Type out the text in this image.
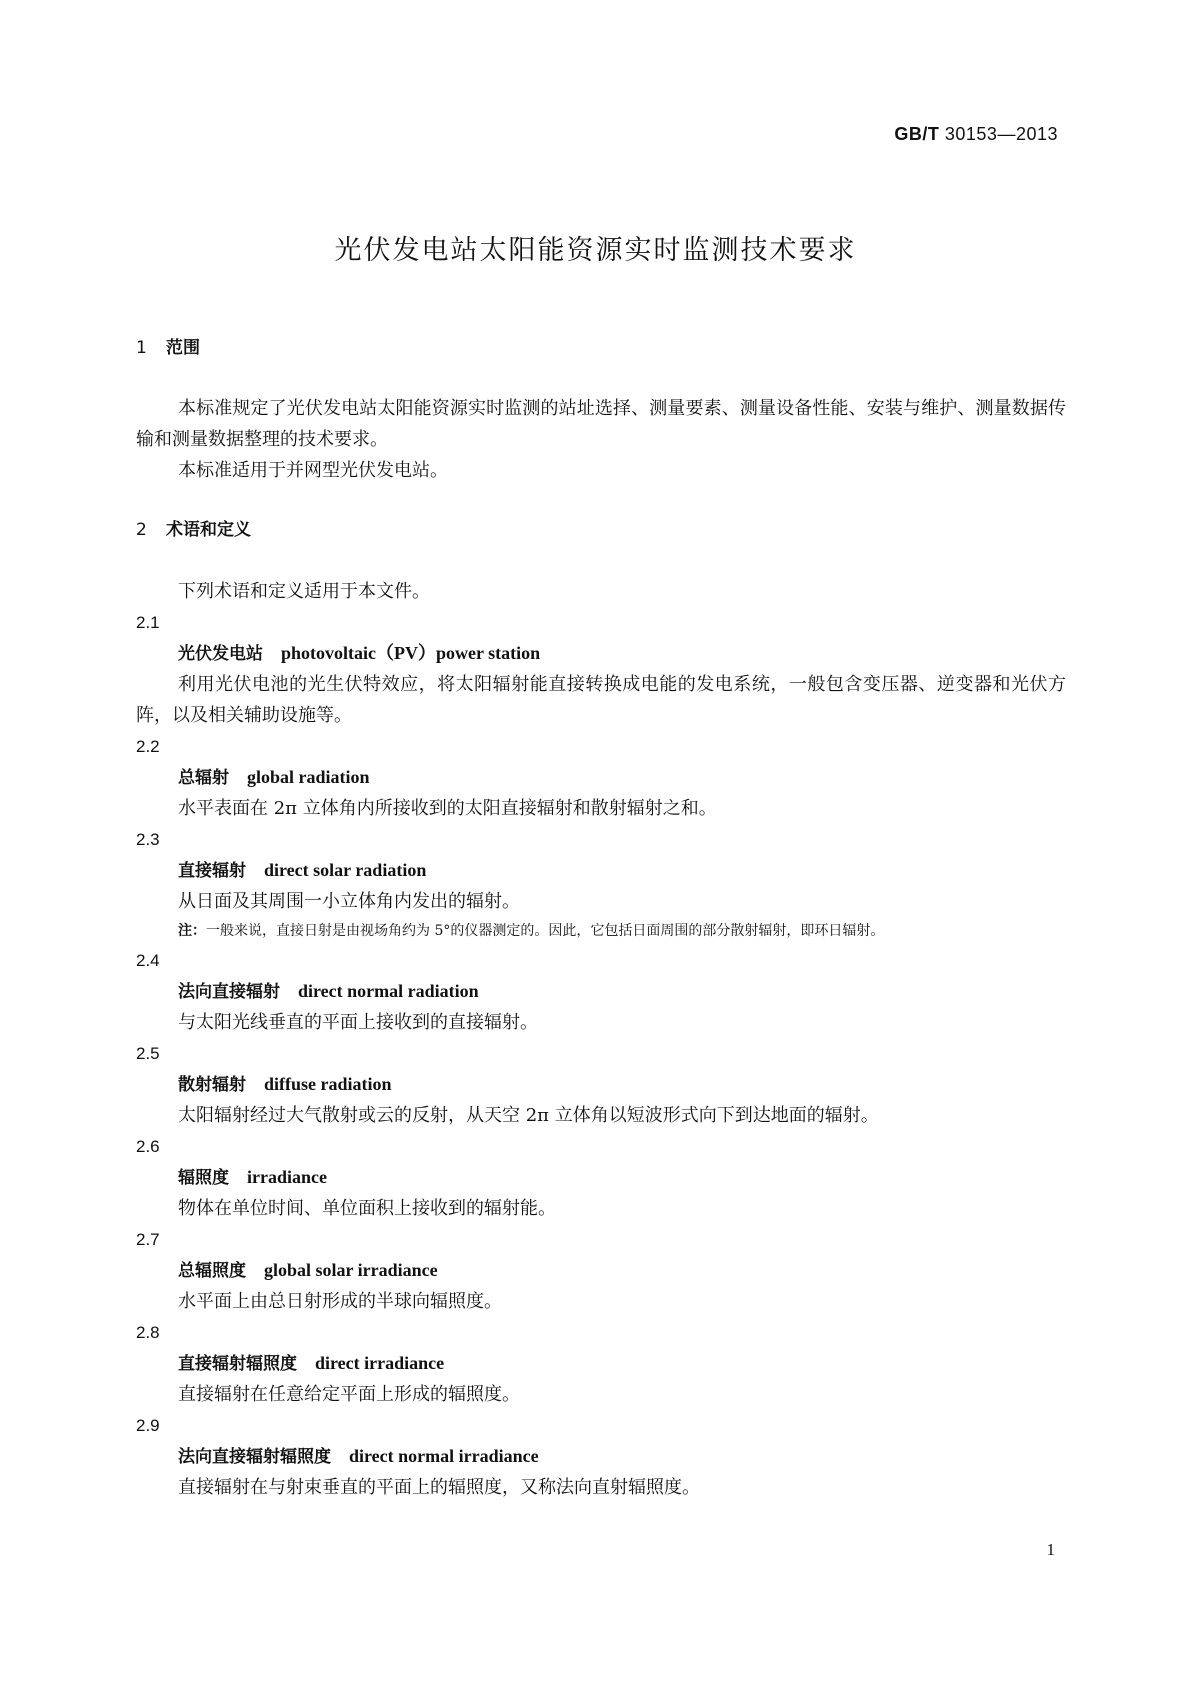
GB/T 30153—2013
光伏发电站太阳能资源实时监测技术要求
1 范围
本标准规定了光伏发电站太阳能资源实时监测的站址选择、测量要素、测量设备性能、安装与维护、测量数据传输和测量数据整理的技术要求。
本标准适用于并网型光伏发电站。
2 术语和定义
下列术语和定义适用于本文件。
2.1
光伏发电站 photovoltaic（PV）power station
利用光伏电池的光生伏特效应，将太阳辐射能直接转换成电能的发电系统，一般包含变压器、逆变器和光伏方阵，以及相关辅助设施等。
2.2
总辐射 global radiation
水平表面在 2π 立体角内所接收到的太阳直接辐射和散射辐射之和。
2.3
直接辐射 direct solar radiation
从日面及其周围一小立体角内发出的辐射。
注：一般来说，直接日射是由视场角约为 5°的仪器测定的。因此，它包括日面周围的部分散射辐射，即环日辐射。
2.4
法向直接辐射 direct normal radiation
与太阳光线垂直的平面上接收到的直接辐射。
2.5
散射辐射 diffuse radiation
太阳辐射经过大气散射或云的反射，从天空 2π 立体角以短波形式向下到达地面的辐射。
2.6
辐照度 irradiance
物体在单位时间、单位面积上接收到的辐射能。
2.7
总辐照度 global solar irradiance
水平面上由总日射形成的半球向辐照度。
2.8
直接辐射辐照度 direct irradiance
直接辐射在任意给定平面上形成的辐照度。
2.9
法向直接辐射辐照度 direct normal irradiance
直接辐射在与射束垂直的平面上的辐照度，又称法向直射辐照度。
1
